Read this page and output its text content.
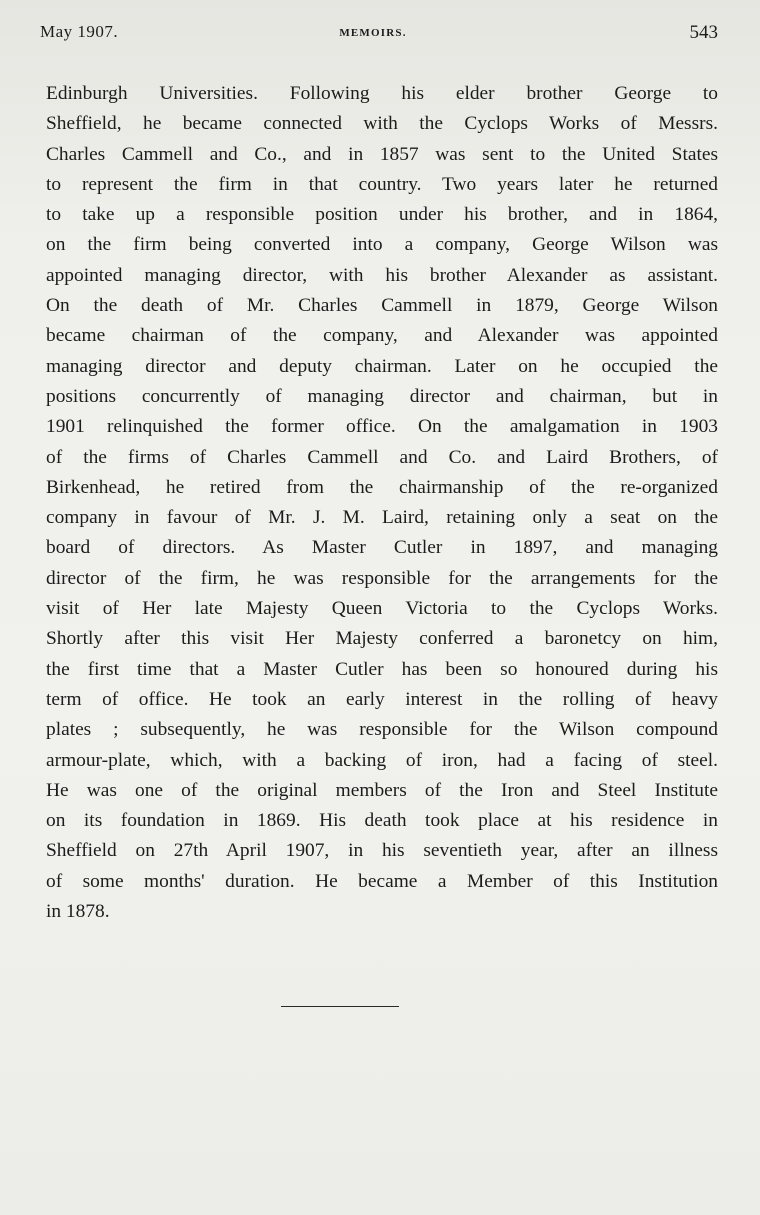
May 1907.	MEMOIRS.	543
Edinburgh Universities. Following his elder brother George to
Sheffield, he became connected with the Cyclops Works of Messrs.
Charles Cammell and Co., and in 1857 was sent to the United States
to represent the firm in that country. Two years later he returned
to take up a responsible position under his brother, and in 1864,
on the firm being converted into a company, George Wilson was
appointed managing director, with his brother Alexander as assistant.
On the death of Mr. Charles Cammell in 1879, George Wilson
became chairman of the company, and Alexander was appointed
managing director and deputy chairman. Later on he occupied the
positions concurrently of managing director and chairman, but in
1901 relinquished the former office. On the amalgamation in 1903
of the firms of Charles Cammell and Co. and Laird Brothers, of
Birkenhead, he retired from the chairmanship of the re-organized
company in favour of Mr. J. M. Laird, retaining only a seat on the
board of directors. As Master Cutler in 1897, and managing
director of the firm, he was responsible for the arrangements for the
visit of Her late Majesty Queen Victoria to the Cyclops Works.
Shortly after this visit Her Majesty conferred a baronetcy on him,
the first time that a Master Cutler has been so honoured during his
term of office. He took an early interest in the rolling of heavy
plates ; subsequently, he was responsible for the Wilson compound
armour-plate, which, with a backing of iron, had a facing of steel.
He was one of the original members of the Iron and Steel Institute
on its foundation in 1869. His death took place at his residence in
Sheffield on 27th April 1907, in his seventieth year, after an illness
of some months' duration. He became a Member of this Institution
in 1878.
